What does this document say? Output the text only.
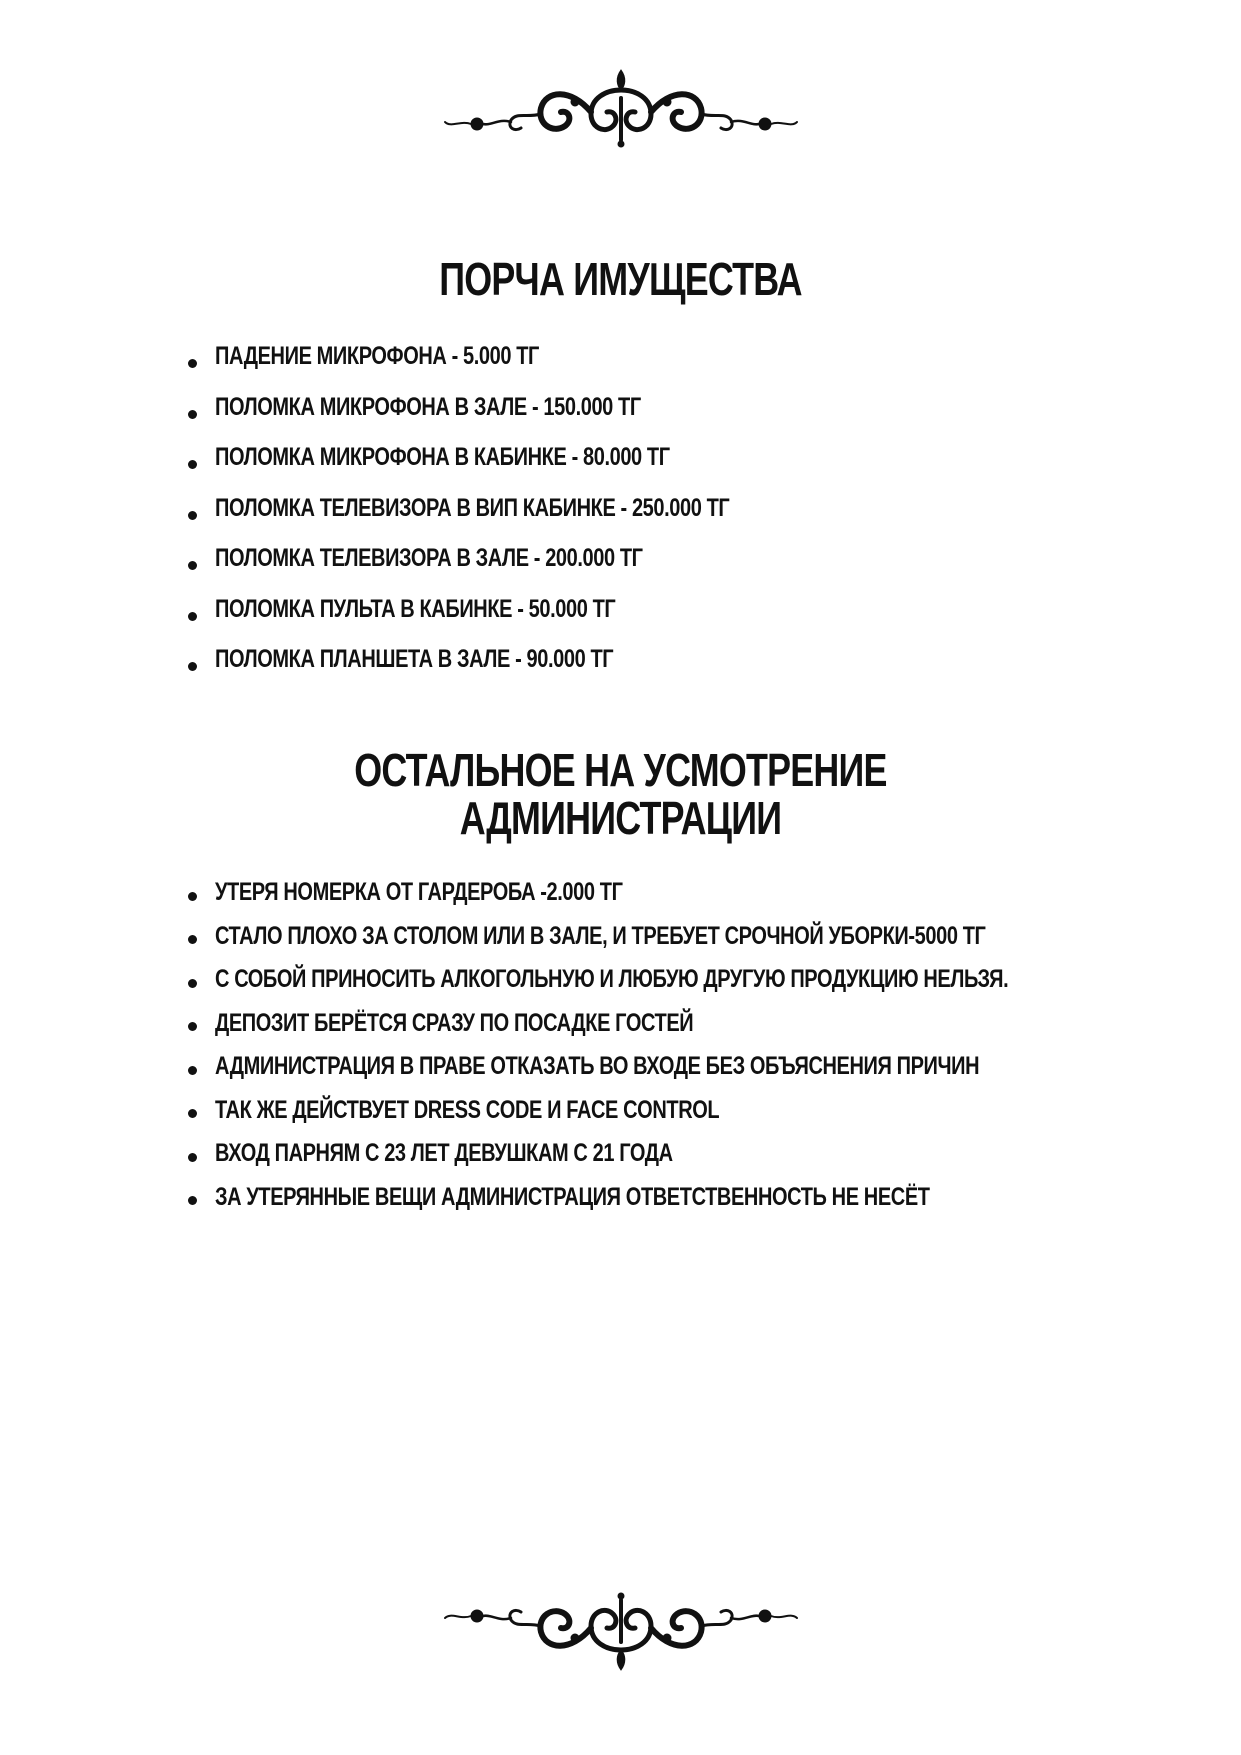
ПОРЧА ИМУЩЕСТВА
ПАДЕНИЕ МИКРОФОНА - 5.000 ТГ
ПОЛОМКА МИКРОФОНА В ЗАЛЕ - 150.000 ТГ
ПОЛОМКА МИКРОФОНА В КАБИНКЕ - 80.000 ТГ
ПОЛОМКА ТЕЛЕВИЗОРА В ВИП КАБИНКЕ - 250.000 ТГ
ПОЛОМКА ТЕЛЕВИЗОРА В ЗАЛЕ - 200.000 ТГ
ПОЛОМКА ПУЛЬТА В КАБИНКЕ - 50.000 ТГ
ПОЛОМКА ПЛАНШЕТА В ЗАЛЕ - 90.000 ТГ
ОСТАЛЬНОЕ НА УСМОТРЕНИЕ
АДМИНИСТРАЦИИ
УТЕРЯ НОМЕРКА ОТ ГАРДЕРОБА -2.000 ТГ
СТАЛО ПЛОХО ЗА СТОЛОМ ИЛИ В ЗАЛЕ, И ТРЕБУЕТ СРОЧНОЙ УБОРКИ-5000 ТГ
С СОБОЙ ПРИНОСИТЬ АЛКОГОЛЬНУЮ И ЛЮБУЮ ДРУГУЮ ПРОДУКЦИЮ НЕЛЬЗЯ.
ДЕПОЗИТ БЕРЁТСЯ СРАЗУ ПО ПОСАДКЕ ГОСТЕЙ
АДМИНИСТРАЦИЯ В ПРАВЕ ОТКАЗАТЬ ВО ВХОДЕ БЕЗ ОБЪЯСНЕНИЯ ПРИЧИН
ТАК ЖЕ ДЕЙСТВУЕТ DRESS CODE И FACE CONTROL
ВХОД ПАРНЯМ С 23 ЛЕТ ДЕВУШКАМ С 21 ГОДА
ЗА УТЕРЯННЫЕ ВЕЩИ АДМИНИСТРАЦИЯ ОТВЕТСТВЕННОСТЬ НЕ НЕСЁТ
